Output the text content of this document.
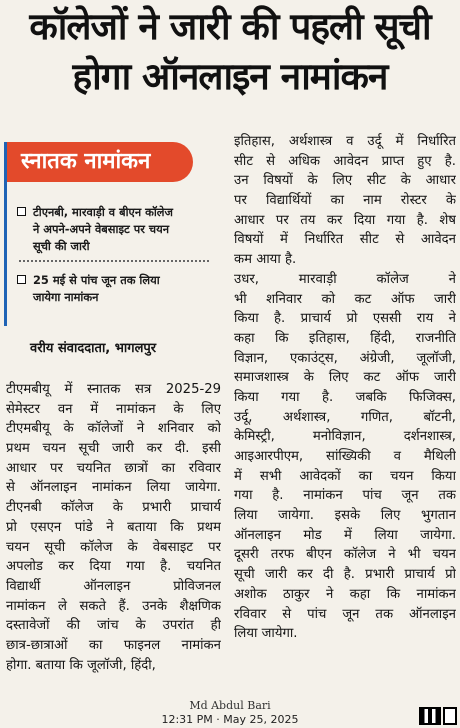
कॉलेजों ने जारी की पहली सूची
होगा ऑनलाइन नामांकन
स्नातक नामांकन
टीएनबी, मारवाड़ी व बीएन कॉलेज
ने अपने-अपने वेबसाइट पर चयन
सूची की जारी
25 मई से पांच जून तक लिया
जायेगा नामांकन
वरीय संवाददाता, भागलपुर
टीएमबीयू में स्नातक सत्र 2025-29
सेमेस्टर वन में नामांकन के लिए
टीएमबीयू के कॉलेजों ने शनिवार को
प्रथम चयन सूची जारी कर दी. इसी
आधार पर चयनित छात्रों का रविवार
से ऑनलाइन नामांकन लिया जायेगा.
टीएनबी कॉलेज के प्रभारी प्राचार्य
प्रो एसएन पांडे ने बताया कि प्रथम
चयन सूची कॉलेज के वेबसाइट पर
अपलोड कर दिया गया है. चयनित
विद्यार्थी ऑनलाइन प्रोविजनल
नामांकन ले सकते हैं. उनके शैक्षणिक
दस्तावेजों की जांच के उपरांत ही
छात्र-छात्राओं का फाइनल नामांकन
होगा. बताया कि जूलॉजी, हिंदी,
इतिहास, अर्थशास्त्र व उर्दू में निर्धारित
सीट से अधिक आवेदन प्राप्त हुए है.
उन विषयों के लिए सीट के आधार
पर विद्यार्थियों का नाम रोस्टर के
आधार पर तय कर दिया गया है. शेष
विषयों में निर्धारित सीट से आवेदन
कम आया है.
उधर, मारवाड़ी कॉलेज ने
भी शनिवार को कट ऑफ जारी
किया है. प्राचार्य प्रो एससी राय ने
कहा कि इतिहास, हिंदी, राजनीति
विज्ञान, एकाउंट्स, अंग्रेजी, जूलॉजी,
समाजशास्त्र के लिए कट ऑफ जारी
किया गया है. जबकि फिजिक्स,
उर्दू, अर्थशास्त्र, गणित, बॉटनी,
केमिस्ट्री, मनोविज्ञान, दर्शनशास्त्र,
आइआरपीएम, सांख्यिकी व मैथिली
में सभी आवेदकों का चयन किया
गया है. नामांकन पांच जून तक
लिया जायेगा. इसके लिए भुगतान
ऑनलाइन मोड में लिया जायेगा.
दूसरी तरफ बीएन कॉलेज ने भी चयन
सूची जारी कर दी है. प्रभारी प्राचार्य प्रो
अशोक ठाकुर ने कहा कि नामांकन
रविवार से पांच जून तक ऑनलाइन
लिया जायेगा.
Md Abdul Bari
12:31 PM · May 25, 2025
